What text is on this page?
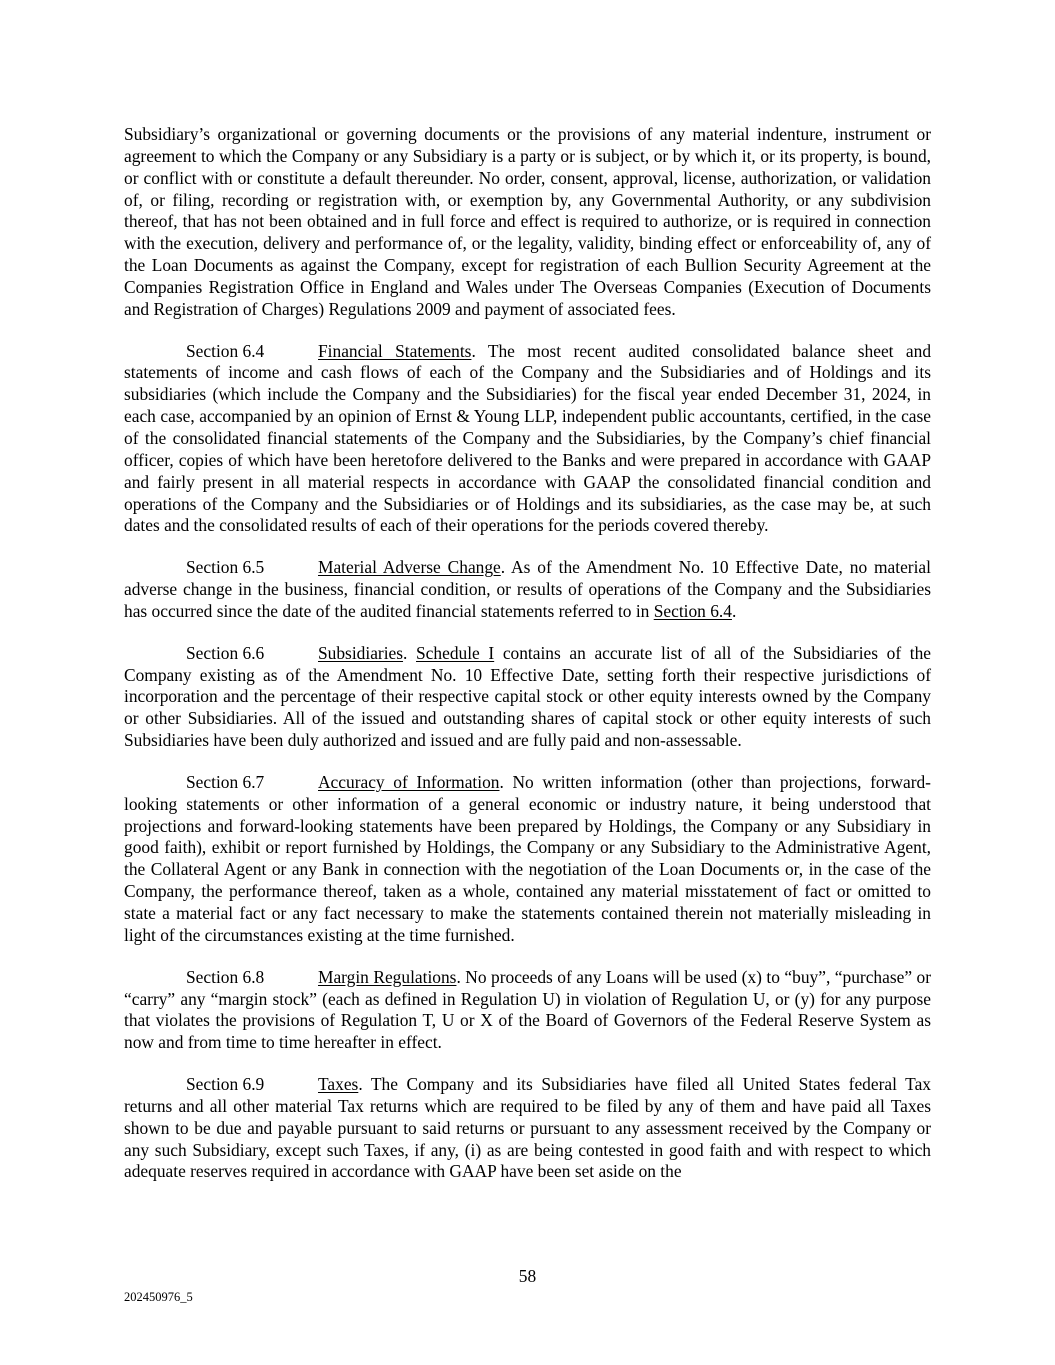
Subsidiary’s organizational or governing documents or the provisions of any material indenture, instrument or agreement to which the Company or any Subsidiary is a party or is subject, or by which it, or its property, is bound, or conflict with or constitute a default thereunder. No order, consent, approval, license, authorization, or validation of, or filing, recording or registration with, or exemption by, any Governmental Authority, or any subdivision thereof, that has not been obtained and in full force and effect is required to authorize, or is required in connection with the execution, delivery and performance of, or the legality, validity, binding effect or enforceability of, any of the Loan Documents as against the Company, except for registration of each Bullion Security Agreement at the Companies Registration Office in England and Wales under The Overseas Companies (Execution of Documents and Registration of Charges) Regulations 2009 and payment of associated fees.

Section 6.4	Financial Statements. The most recent audited consolidated balance sheet and statements of income and cash flows of each of the Company and the Subsidiaries and of Holdings and its subsidiaries (which include the Company and the Subsidiaries) for the fiscal year ended December 31, 2024, in each case, accompanied by an opinion of Ernst & Young LLP, independent public accountants, certified, in the case of the consolidated financial statements of the Company and the Subsidiaries, by the Company’s chief financial officer, copies of which have been heretofore delivered to the Banks and were prepared in accordance with GAAP and fairly present in all material respects in accordance with GAAP the consolidated financial condition and operations of the Company and the Subsidiaries or of Holdings and its subsidiaries, as the case may be, at such dates and the consolidated results of each of their operations for the periods covered thereby.

Section 6.5	Material Adverse Change. As of the Amendment No. 10 Effective Date, no material adverse change in the business, financial condition, or results of operations of the Company and the Subsidiaries has occurred since the date of the audited financial statements referred to in Section 6.4.

Section 6.6	Subsidiaries. Schedule I contains an accurate list of all of the Subsidiaries of the Company existing as of the Amendment No. 10 Effective Date, setting forth their respective jurisdictions of incorporation and the percentage of their respective capital stock or other equity interests owned by the Company or other Subsidiaries. All of the issued and outstanding shares of capital stock or other equity interests of such Subsidiaries have been duly authorized and issued and are fully paid and non-assessable.

Section 6.7	Accuracy of Information. No written information (other than projections, forward-looking statements or other information of a general economic or industry nature, it being understood that projections and forward-looking statements have been prepared by Holdings, the Company or any Subsidiary in good faith), exhibit or report furnished by Holdings, the Company or any Subsidiary to the Administrative Agent, the Collateral Agent or any Bank in connection with the negotiation of the Loan Documents or, in the case of the Company, the performance thereof, taken as a whole, contained any material misstatement of fact or omitted to state a material fact or any fact necessary to make the statements contained therein not materially misleading in light of the circumstances existing at the time furnished.

Section 6.8	Margin Regulations. No proceeds of any Loans will be used (x) to “buy”, “purchase” or “carry” any “margin stock” (each as defined in Regulation U) in violation of Regulation U, or (y) for any purpose that violates the provisions of Regulation T, U or X of the Board of Governors of the Federal Reserve System as now and from time to time hereafter in effect.

Section 6.9	Taxes. The Company and its Subsidiaries have filed all United States federal Tax returns and all other material Tax returns which are required to be filed by any of them and have paid all Taxes shown to be due and payable pursuant to said returns or pursuant to any assessment received by the Company or any such Subsidiary, except such Taxes, if any, (i) as are being contested in good faith and with respect to which adequate reserves required in accordance with GAAP have been set aside on the

58
202450976_5
